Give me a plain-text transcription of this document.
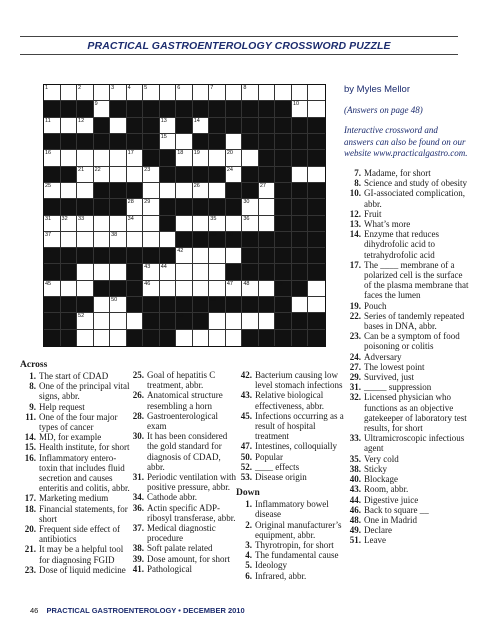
PRACTICAL GASTROENTEROLOGY CROSSWORD PUZZLE
1	2	3 4 5	6	7	8
9	10
11	12	13	14
15
16	17	18 19	20
21 22	23	24
25	26	27
28 29	30
31 32 33	34	35	36
37	38	39 40
41	42
43 44
45	46	47 48	49
50	51
52	53
by Myles Mellor
(Answers on page 48)
Interactive crossword and answers can also be found on our website www.practicalgastro.com.
Across
1. The start of CDAD
8. One of the principal vital signs, abbr.
9. Help request
11. One of the four major types of cancer
14. MD, for example
15. Health institute, for short
16. Inflammatory entero-toxin that includes fluid secretion and causes enteritis and colitis, abbr.
17. Marketing medium
18. Financial statements, for short
20. Frequent side effect of antibiotics
21. It may be a helpful tool for diagnosing FGID
23. Dose of liquid medicine
25. Goal of hepatitis C treatment, abbr.
26. Anatomical structure resembling a horn
28. Gastroenterological exam
30. It has been considered the gold standard for diagnosis of CDAD, abbr.
31. Periodic ventilation with positive pressure, abbr.
34. Cathode abbr.
36. Actin specific ADP-ribosyl transferase, abbr.
37. Medical diagnostic procedure
38. Soft palate related
39. Dose amount, for short
41. Pathological
42. Bacterium causing low level stomach infections
43. Relative biological effectiveness, abbr.
45. Infections occurring as a result of hospital treatment
47. Intestines, colloquially
50. Popular
52. ____ effects
53. Disease origin
Down
1. Inflammatory bowel disease
2. Original manufacturer’s equipment, abbr.
3. Thyrotropin, for short
4. The fundamental cause
5. Ideology
6. Infrared, abbr.
7. Madame, for short
8. Science and study of obesity
10. GI-associated complication, abbr.
12. Fruit
13. What’s more
14. Enzyme that reduces dihydrofolic acid to tetrahydrofolic acid
17. The ____ membrane of a polarized cell is the surface of the plasma membrane that faces the lumen
19. Pouch
22. Series of tandemly repeated bases in DNA, abbr.
23. Can be a symptom of food poisoning or colitis
24. Adversary
27. The lowest point
29. Survived, just
31. _____ suppression
32. Licensed physician who functions as an objective gatekeeper of laboratory test results, for short
33. Ultramicroscopic infectious agent
35. Very cold
38. Sticky
40. Blockage
43. Room, abbr.
44. Digestive juice
46. Back to square __
48. One in Madrid
49. Declare
51. Leave
46 PRACTICAL GASTROENTEROLOGY • DECEMBER 2010
